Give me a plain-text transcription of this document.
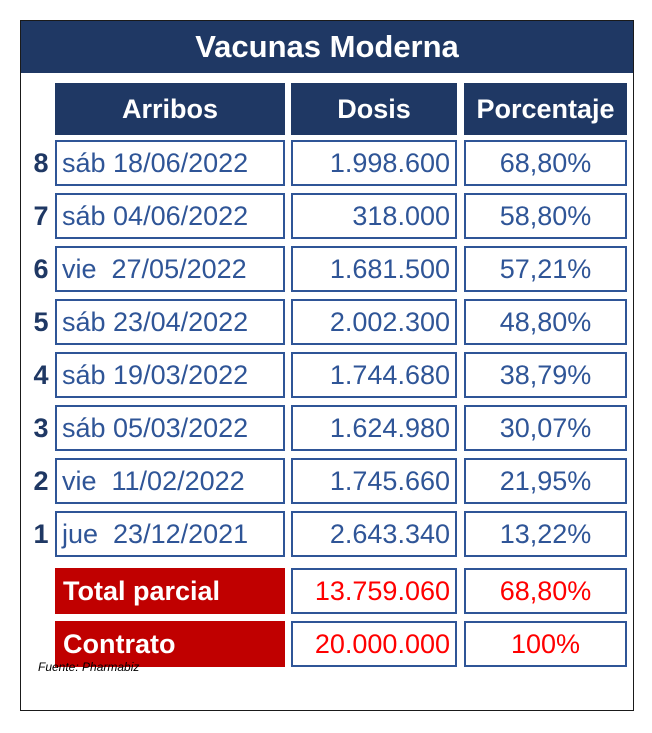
Vacunas Moderna
Arribos	Dosis	Porcentaje
8 sáb 18/06/2022	1.998.600	68,80%
7 sáb 04/06/2022	318.000	58,80%
6 vie  27/05/2022	1.681.500	57,21%
5 sáb 23/04/2022	2.002.300	48,80%
4 sáb 19/03/2022	1.744.680	38,79%
3 sáb 05/03/2022	1.624.980	30,07%
2 vie  11/02/2022	1.745.660	21,95%
1 jue  23/12/2021	2.643.340	13,22%
Total parcial	13.759.060	68,80%
Contrato	20.000.000	100%
Fuente: Pharmabiz
